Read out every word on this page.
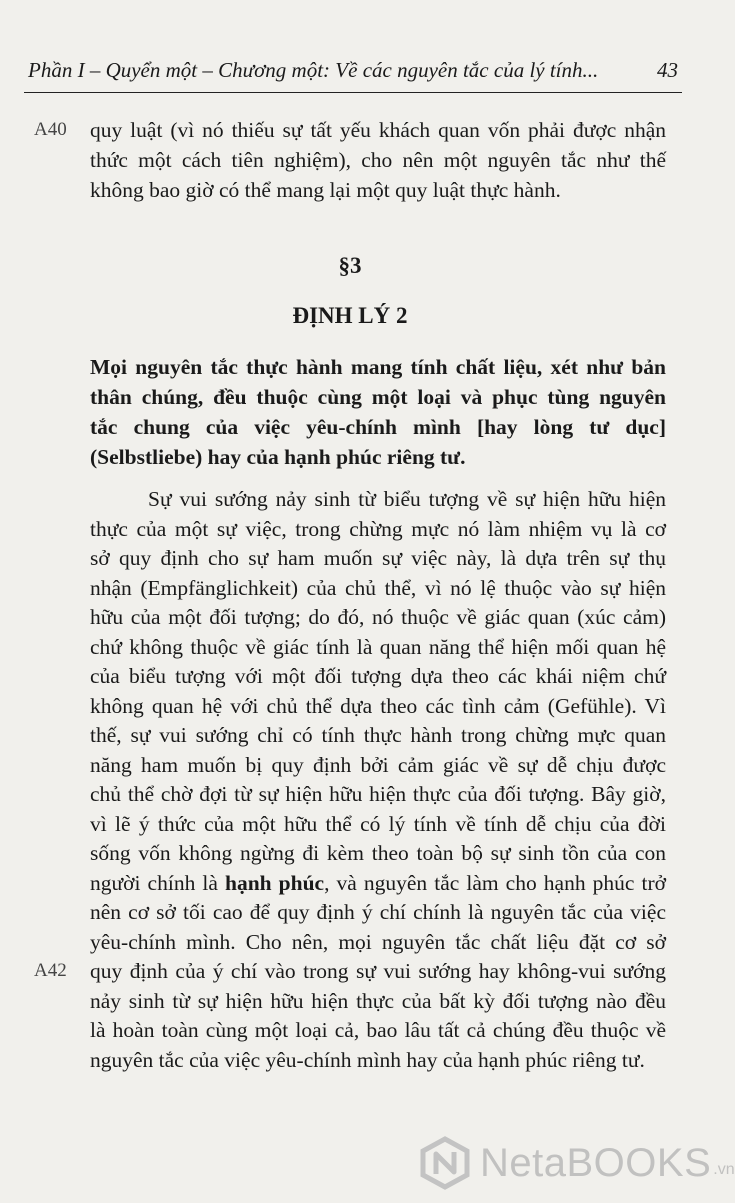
Phần I – Quyển một – Chương một: Về các nguyên tắc của lý tính...	43
A40 quy luật (vì nó thiếu sự tất yếu khách quan vốn phải được nhận
thức một cách tiên nghiệm), cho nên một nguyên tắc như thế
không bao giờ có thể mang lại một quy luật thực hành.
§3
ĐỊNH LÝ 2
Mọi nguyên tắc thực hành mang tính chất liệu, xét như bản
thân chúng, đều thuộc cùng một loại và phục tùng nguyên
tắc chung của việc yêu-chính mình [hay lòng tư dục]
(Selbstliebe) hay của hạnh phúc riêng tư.
Sự vui sướng nảy sinh từ biểu tượng về sự hiện hữu hiện
thực của một sự việc, trong chừng mực nó làm nhiệm vụ là cơ
sở quy định cho sự ham muốn sự việc này, là dựa trên sự thụ
nhận (Empfänglichkeit) của chủ thể, vì nó lệ thuộc vào sự hiện
hữu của một đối tượng; do đó, nó thuộc về giác quan (xúc cảm)
chứ không thuộc về giác tính là quan năng thể hiện mối quan hệ
của biểu tượng với một đối tượng dựa theo các khái niệm chứ
không quan hệ với chủ thể dựa theo các tình cảm (Gefühle). Vì
thế, sự vui sướng chỉ có tính thực hành trong chừng mực quan
năng ham muốn bị quy định bởi cảm giác về sự dễ chịu được
chủ thể chờ đợi từ sự hiện hữu hiện thực của đối tượng. Bây giờ,
vì lẽ ý thức của một hữu thể có lý tính về tính dễ chịu của đời
sống vốn không ngừng đi kèm theo toàn bộ sự sinh tồn của con
người chính là hạnh phúc, và nguyên tắc làm cho hạnh phúc trở
nên cơ sở tối cao để quy định ý chí chính là nguyên tắc của việc
yêu-chính mình. Cho nên, mọi nguyên tắc chất liệu đặt cơ sở
A42 quy định của ý chí vào trong sự vui sướng hay không-vui sướng
nảy sinh từ sự hiện hữu hiện thực của bất kỳ đối tượng nào đều
là hoàn toàn cùng một loại cả, bao lâu tất cả chúng đều thuộc về
nguyên tắc của việc yêu-chính mình hay của hạnh phúc riêng tư.
NetaBOOKS .vn
